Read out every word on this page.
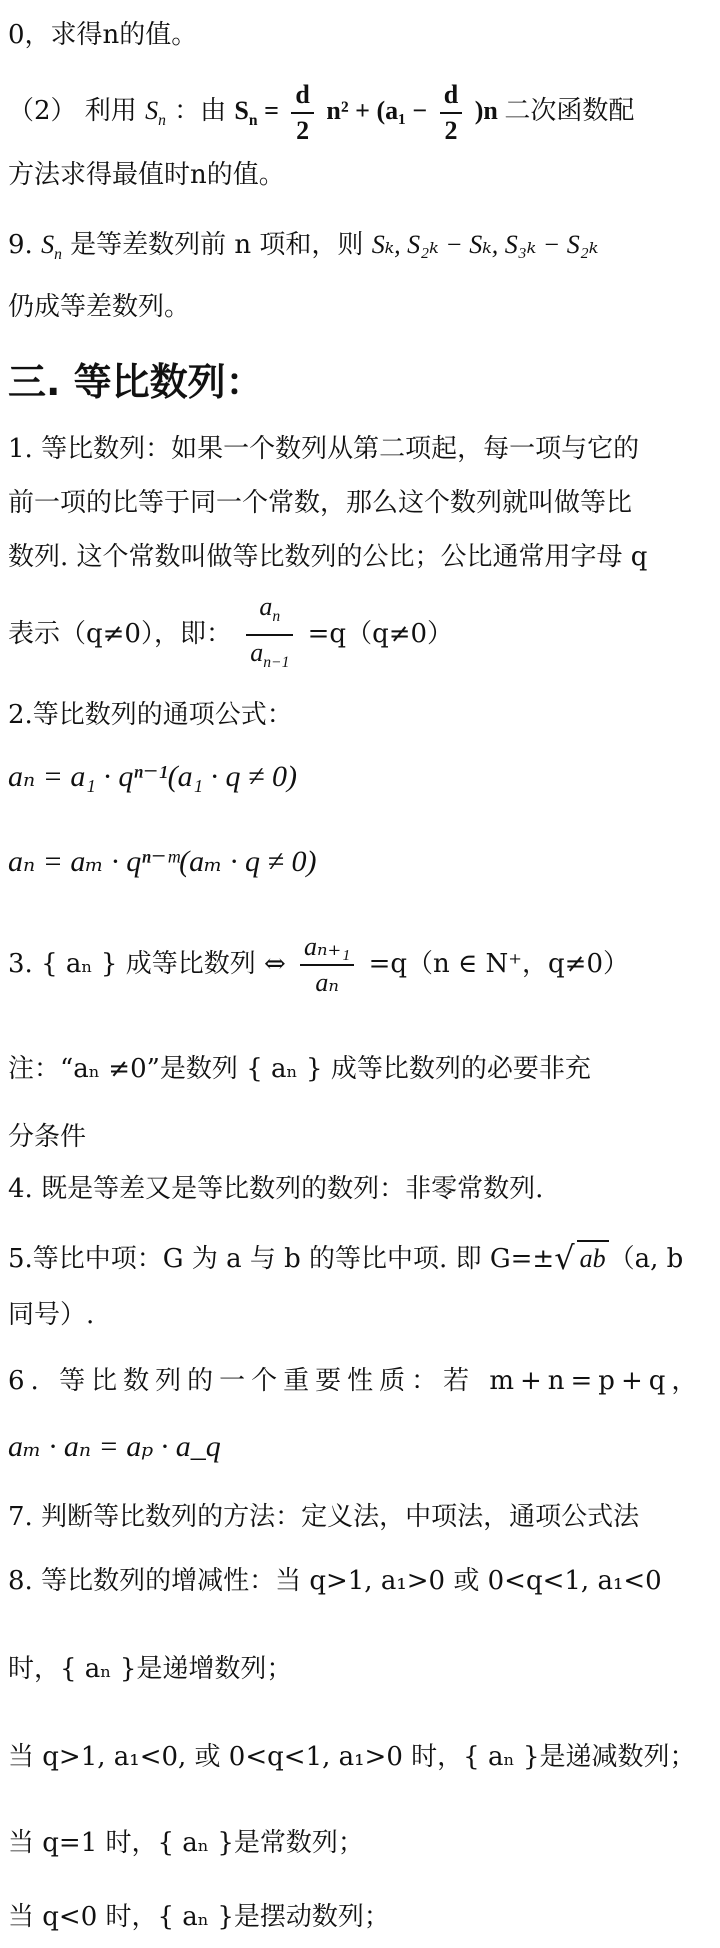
0，求得n的值。
（2） 利用 $S_n$ ：由 $S_n = \frac{d}{2} n^2 + (a_1 - \frac{d}{2} )n$ 二次函数配
方法求得最值时n的值。
9. $S_n$ 是等差数列前 n 项和，则 Sₖ, S₂ₖ − Sₖ, S₃ₖ − S₂ₖ
仍成等差数列。
三. 等比数列：
1. 等比数列：如果一个数列从第二项起，每一项与它的
前一项的比等于同一个常数，那么这个数列就叫做等比
数列. 这个常数叫做等比数列的公比；公比通常用字母 q
表示（q≠0），即： $\frac{a_n}{a_{n-1}} =q(q\ne 0)$
2.等比数列的通项公式：
aₙ = a₁ · qⁿ⁻¹(a₁ · q ≠ 0)
aₙ = aₘ · qⁿ⁻ᵐ(aₘ · q ≠ 0)
3. { aₙ } 成等比数列 ⇔ $\frac{\text{aₙ₊₁}}{\text{aₙ}} =q(n$ ∈ N⁺，q≠0）
注：“aₙ ≠0”是数列 { aₙ } 成等比数列的必要非充
分条件
4. 既是等差又是等比数列的数列：非零常数列.
5.等比中项：G 为 a 与 b 的等比中项. 即 G=±√ ab （a, b
同号）.
6. 等比数列的一个重要性质：若 m+n=p+q，
aₘ · aₙ = aₚ · a_q
7. 判断等比数列的方法：定义法，中项法，通项公式法
8. 等比数列的增减性：当 q>1, a₁>0 或 0<q<1, a₁<0
时，{ aₙ }是递增数列；
当 q>1, a₁<0, 或 0<q<1, a₁>0 时，{ aₙ }是递减数列；
当 q=1 时，{ aₙ }是常数列；
当 q<0 时，{ aₙ }是摆动数列；
